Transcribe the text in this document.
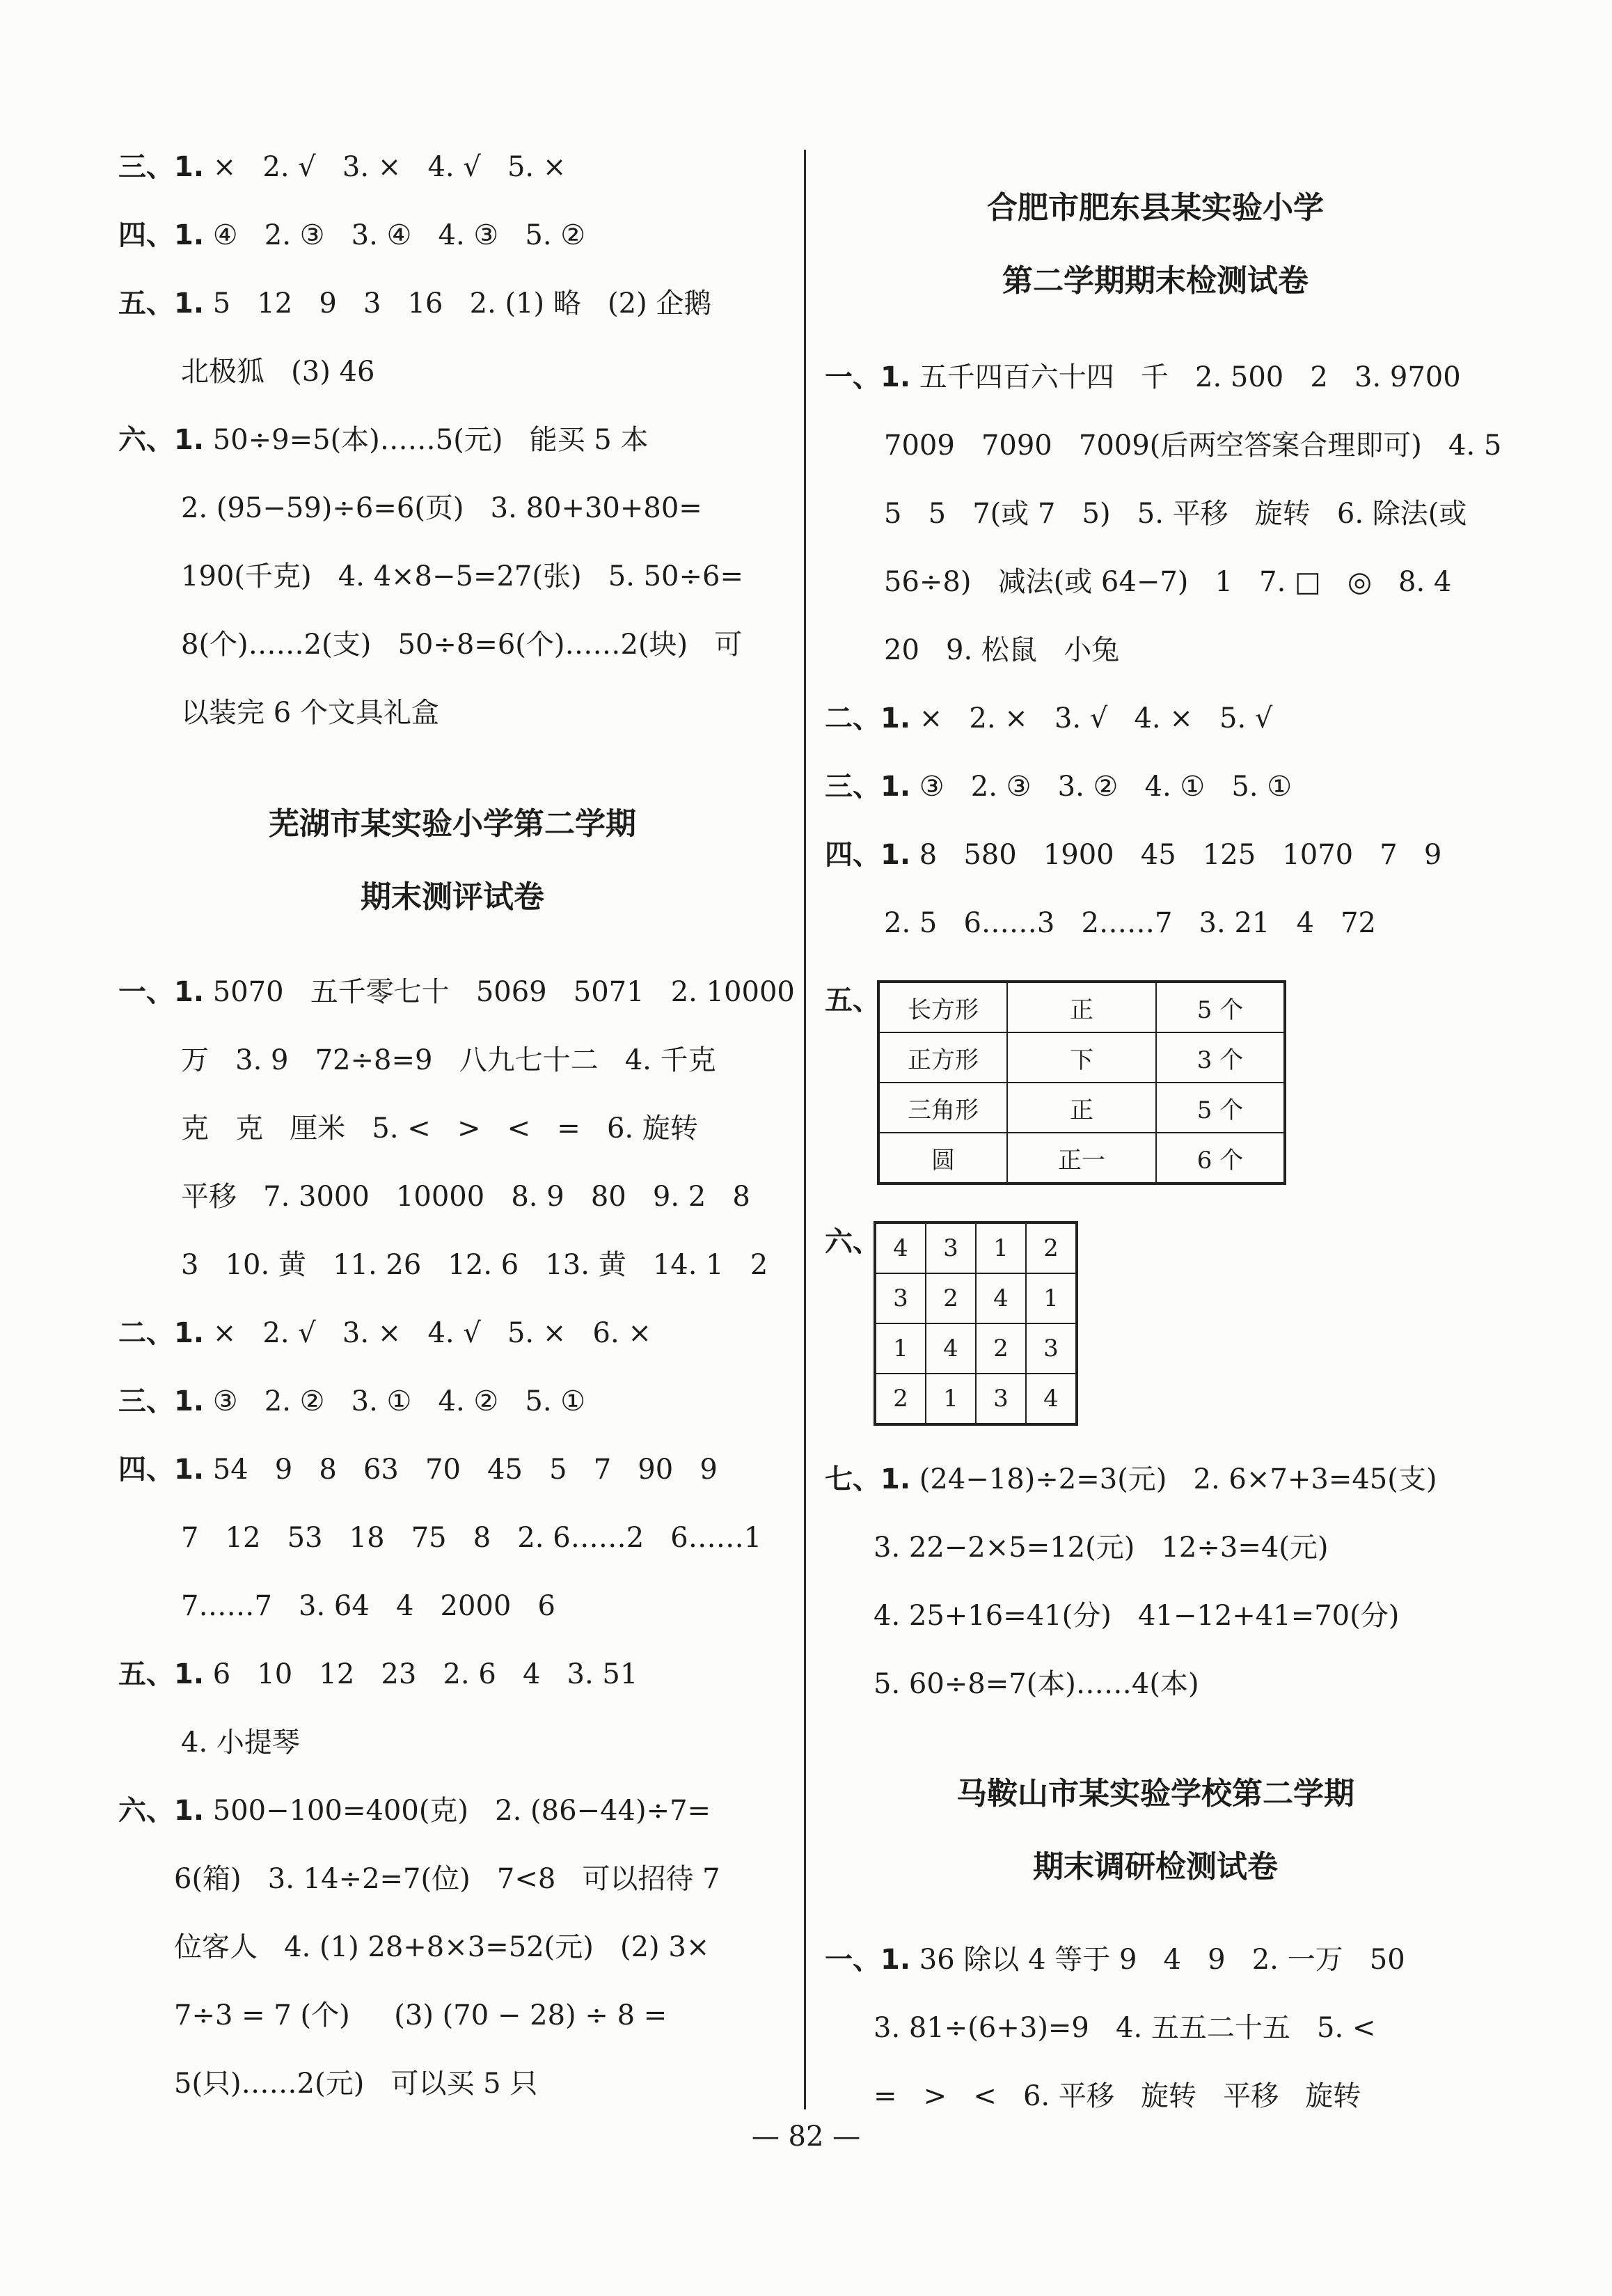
三、1. ×   2. √   3. ×   4. √   5. ×
四、1. ④   2. ③   3. ④   4. ③   5. ②
五、1. 5   12   9   3   16   2. (1) 略   (2) 企鹅
北极狐   (3) 46
六、1. 50÷9=5(本)……5(元)   能买 5 本
2. (95−59)÷6=6(页)   3. 80+30+80=
190(千克)   4. 4×8−5=27(张)   5. 50÷6=
8(个)……2(支)   50÷8=6(个)……2(块)   可
以装完 6 个文具礼盒
芜湖市某实验小学第二学期
期末测评试卷
一、1. 5070   五千零七十   5069   5071   2. 10000
万   3. 9   72÷8=9   八九七十二   4. 千克
克   克   厘米   5. <   >   <   =   6. 旋转
平移   7. 3000   10000   8. 9   80   9. 2   8
3   10. 黄   11. 26   12. 6   13. 黄   14. 1   2
二、1. ×   2. √   3. ×   4. √   5. ×   6. ×
三、1. ③   2. ②   3. ①   4. ②   5. ①
四、1. 54   9   8   63   70   45   5   7   90   9
7   12   53   18   75   8   2. 6……2   6……1
7……7   3. 64   4   2000   6
五、1. 6   10   12   23   2. 6   4   3. 51
4. 小提琴
六、1. 500−100=400(克)   2. (86−44)÷7=
6(箱)   3. 14÷2=7(位)   7<8   可以招待 7
位客人   4. (1) 28+8×3=52(元)   (2) 3×
7÷3 = 7 (个)     (3) (70 − 28) ÷ 8 =
5(只)……2(元)   可以买 5 只
合肥市肥东县某实验小学
第二学期期末检测试卷
一、1. 五千四百六十四   千   2. 500   2   3. 9700
7009   7090   7009(后两空答案合理即可)   4. 5
5   5   7(或 7   5)   5. 平移   旋转   6. 除法(或
56÷8)   减法(或 64−7)   1   7. □   ◎   8. 4
20   9. 松鼠   小兔
二、1. ×   2. ×   3. √   4. ×   5. √
三、1. ③   2. ③   3. ②   4. ①   5. ①
四、1. 8   580   1900   45   125   1070   7   9
2. 5   6……3   2……7   3. 21   4   72
五、 长方形	正	5 个
正方形	下	3 个
三角形	正	5 个
圆	正一	6 个
六、 4	3	1	2
3	2	4	1
1	4	2	3
2	1	3	4
七、1. (24−18)÷2=3(元)   2. 6×7+3=45(支)
3. 22−2×5=12(元)   12÷3=4(元)
4. 25+16=41(分)   41−12+41=70(分)
5. 60÷8=7(本)……4(本)
马鞍山市某实验学校第二学期
期末调研检测试卷
一、1. 36 除以 4 等于 9   4   9   2. 一万   50
3. 81÷(6+3)=9   4. 五五二十五   5. <
=   >   <   6. 平移   旋转   平移   旋转
— 82 —
